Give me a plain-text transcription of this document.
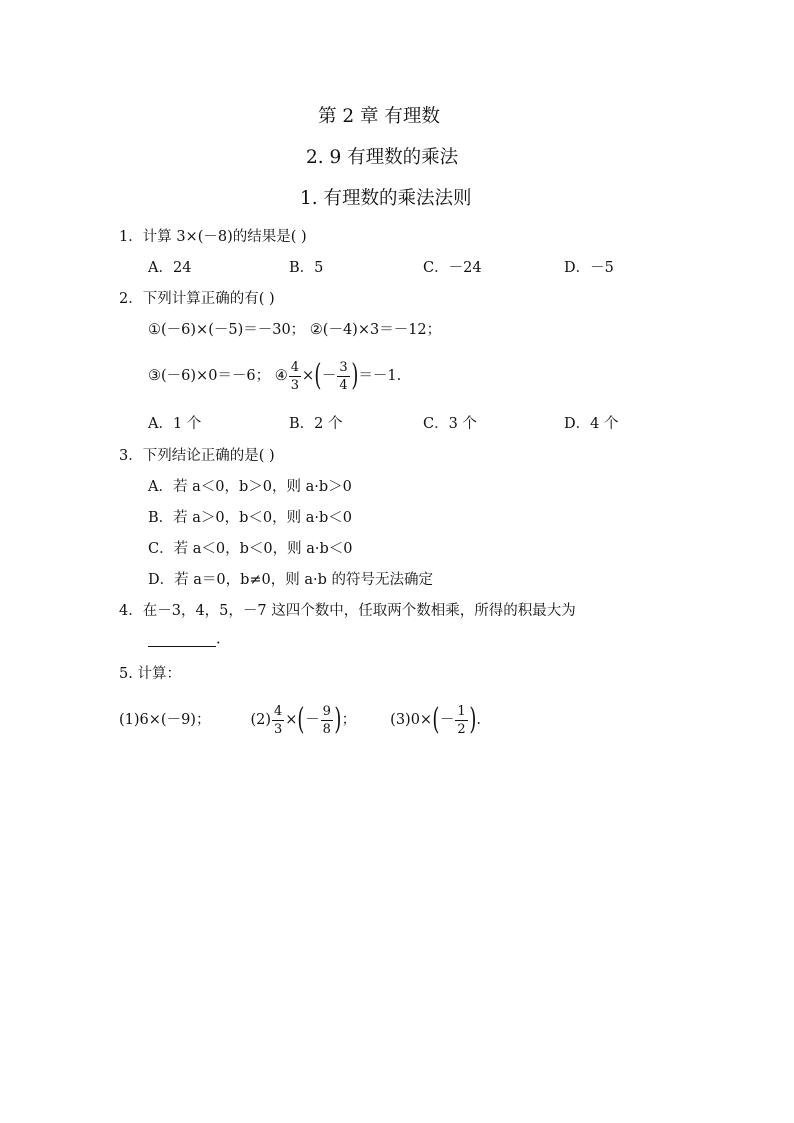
第 2 章 有理数
2. 9 有理数的乘法
1. 有理数的乘法法则
1．计算 3×(－8)的结果是( )
A．24	B．5	C．－24	D．－5
2．下列计算正确的有( )
①(－6)×(－5)＝－30； ②(－4)×3＝－12；
③(－6)×0＝－6； ④ $\frac{4}{3}$ × ( － $\frac{3}{4}$ ) ＝－1.
A．1 个	B．2 个	C．3 个	D．4 个
3．下列结论正确的是( )
A．若 a＜0，b＞0，则 a·b＞0
B．若 a＞0，b＜0，则 a·b＜0
C．若 a＜0，b＜0，则 a·b＜0
D．若 a＝0，b≠0，则 a·b 的符号无法确定
4．在－3，4，5，－7 这四个数中，任取两个数相乘，所得的积最大为
.
5. 计算：
(1)6×(－9)；	$(2) \frac{4}{3}$ × ( － $\frac{9}{8}$ ) ； (3)0× ( － $\frac{1}{2}$ ) .
